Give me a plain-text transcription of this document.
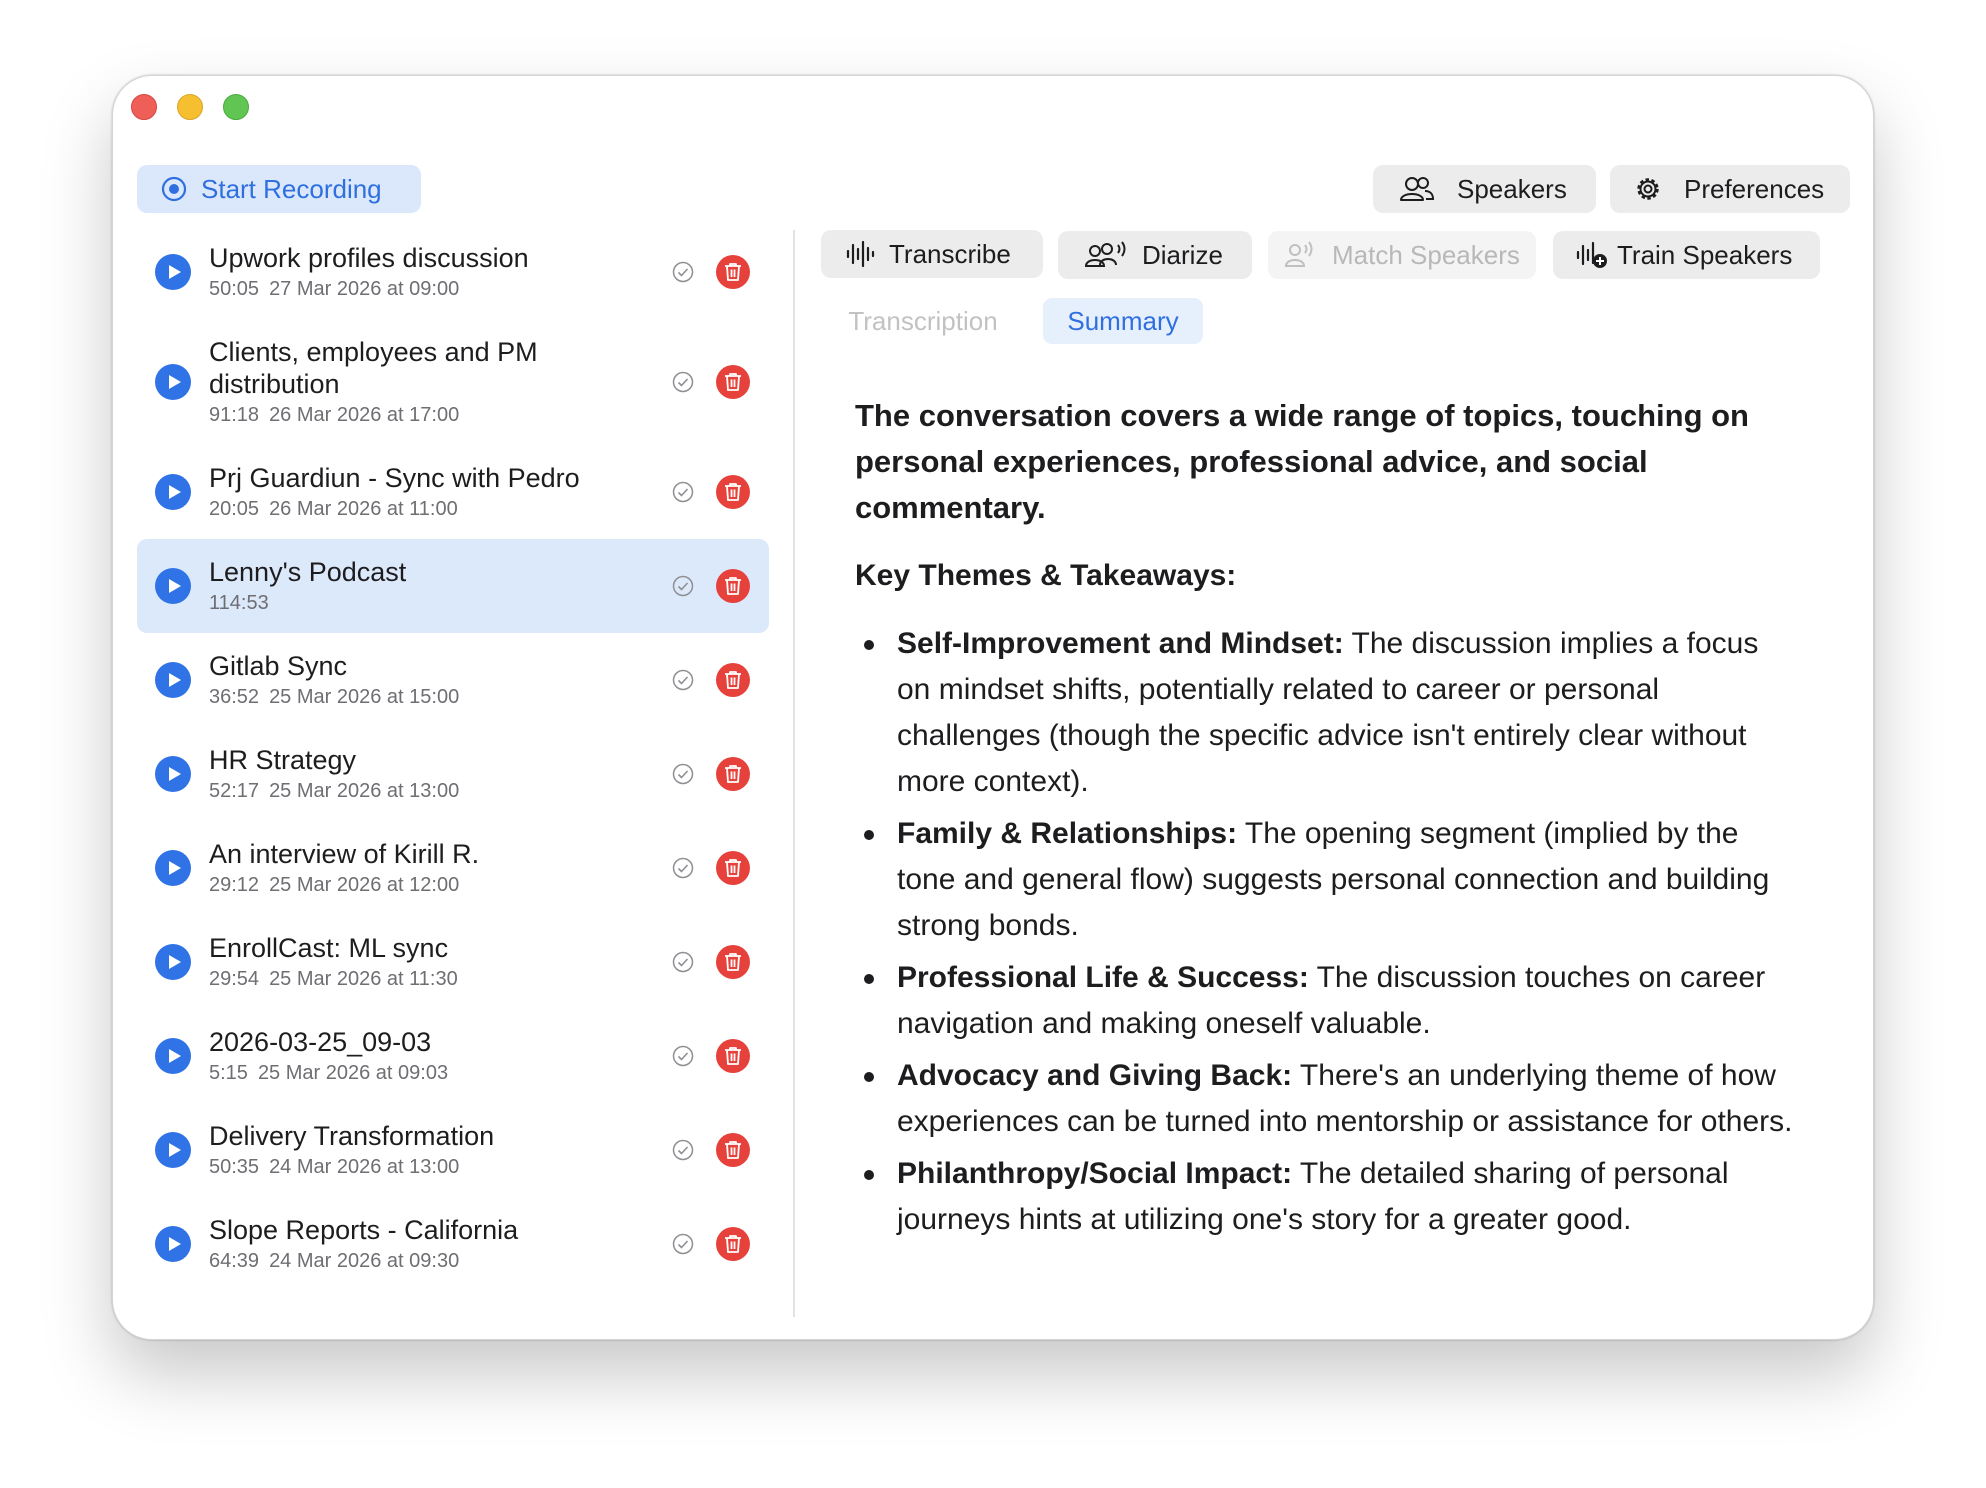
Start Recording	Speakers	Preferences
Transcribe	Diarize	Match Speakers	Train Speakers
Transcription	Summary
Upwork profiles discussion
50:05 27 Mar 2026 at 09:00
Clients, employees and PM distribution
91:18 26 Mar 2026 at 17:00
Prj Guardiun - Sync with Pedro
20:05 26 Mar 2026 at 11:00
Lenny's Podcast
114:53
Gitlab Sync
36:52 25 Mar 2026 at 15:00
HR Strategy
52:17 25 Mar 2026 at 13:00
An interview of Kirill R.
29:12 25 Mar 2026 at 12:00
EnrollCast: ML sync
29:54 25 Mar 2026 at 11:30
2026-03-25_09-03
5:15 25 Mar 2026 at 09:03
Delivery Transformation
50:35 24 Mar 2026 at 13:00
Slope Reports - California
64:39 24 Mar 2026 at 09:30

The conversation covers a wide range of topics, touching on personal experiences, professional advice, and social commentary.

Key Themes & Takeaways:

Self-Improvement and Mindset: The discussion implies a focus on mindset shifts, potentially related to career or personal challenges (though the specific advice isn't entirely clear without more context).
Family & Relationships: The opening segment (implied by the tone and general flow) suggests personal connection and building strong bonds.
Professional Life & Success: The discussion touches on career navigation and making oneself valuable.
Advocacy and Giving Back: There's an underlying theme of how experiences can be turned into mentorship or assistance for others.
Philanthropy/Social Impact: The detailed sharing of personal journeys hints at utilizing one's story for a greater good.
